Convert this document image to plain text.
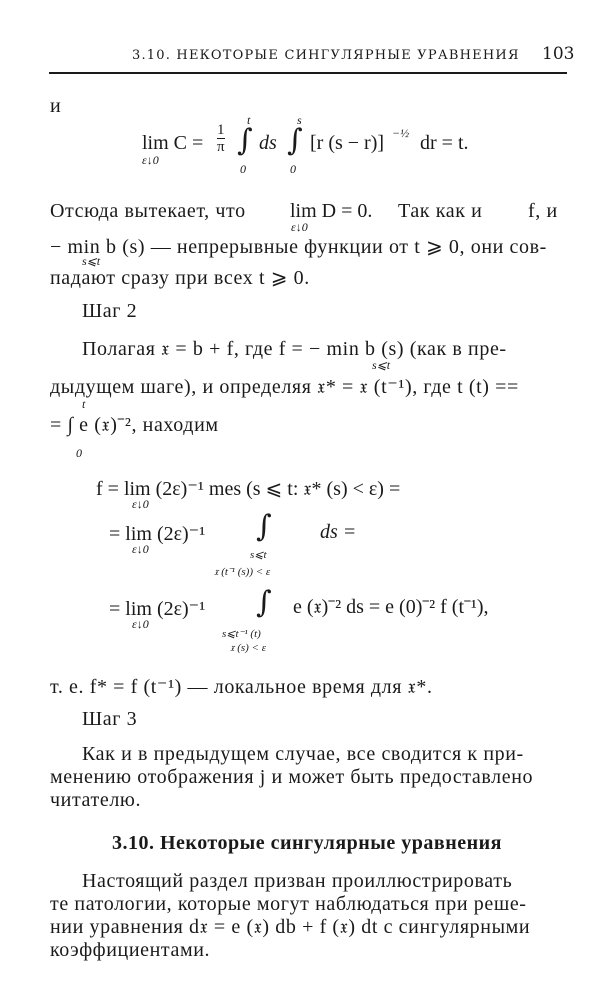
3.10. НЕКОТОРЫЕ СИНГУЛЯРНЫЕ УРАВНЕНИЯ 103
и
lim C =
ε↓0
$\frac{1}{\pi}$
t
∫
0
ds
s
∫
0
[r (s − r)] −½ dr = t.
Отсюда вытекает, что lim D = 0.
ε↓0
Так как и f, и
− min b (s) — непрерывные функции от t ⩾ 0, они сов-
s⩽t
падают сразу при всех t ⩾ 0.
Шаг 2
Полагая 𝔵 = b + f, где f = − min b (s) (как в пре-
s⩽t
дыдущем шаге), и определяя 𝔵* = 𝔵 (t⁻¹), где t (t) ==
t
= ∫ e (𝔵)⁻², находим
0
f = lim (2ε)⁻¹ mes (s ⩽ t: 𝔵* (s) < ε) =
ε↓0
= lim (2ε)⁻¹
ε↓0
∫
s⩽t
𝔵 (t⁻¹ (s)) < ε
ds =
= lim (2ε)⁻¹
ε↓0
∫
s⩽t⁻¹ (t)
𝔵 (s) < ε
e (𝔵)⁻² ds = e (0)⁻² f (t⁻¹),
т. е. f* = f (t⁻¹) — локальное время для 𝔵*.
Шаг 3
Как и в предыдущем случае, все сводится к при-
менению отображения j и может быть предоставлено
читателю.
3.10. Некоторые сингулярные уравнения
Настоящий раздел призван проиллюстрировать
те патологии, которые могут наблюдаться при реше-
нии уравнения d𝔵 = e (𝔵) db + f (𝔵) dt с сингулярными
коэффициентами.
